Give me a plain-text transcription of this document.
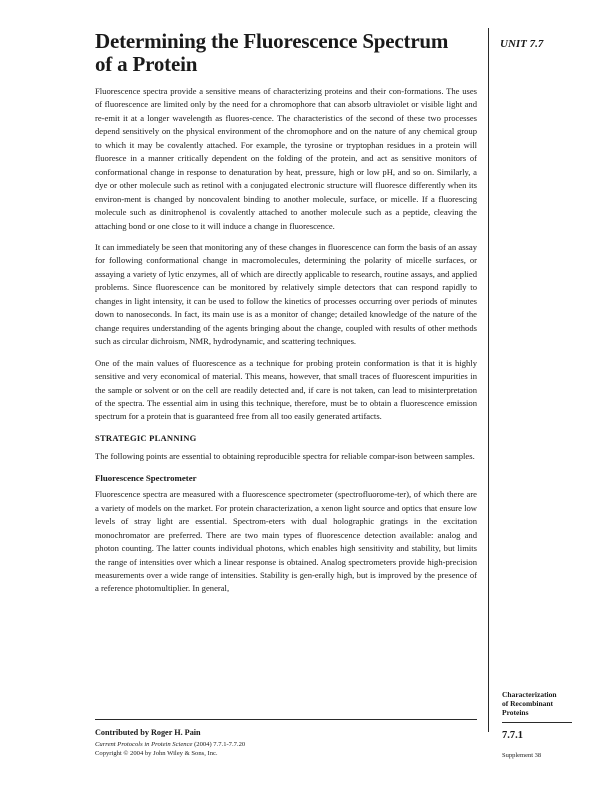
Determining the Fluorescence Spectrum
of a Protein
UNIT 7.7

Fluorescence spectra provide a sensitive means of characterizing proteins and their con-formations. The uses of fluorescence are limited only by the need for a chromophore that can absorb ultraviolet or visible light and re-emit it at a longer wavelength as fluores-cence. The characteristics of the second of these two processes depend sensitively on the physical environment of the chromophore and on the nature of any chemical group to which it may be covalently attached. For example, the tyrosine or tryptophan residues in a protein will fluoresce in a manner critically dependent on the folding of the protein, and act as sensitive monitors of conformational change in response to denaturation by heat, pressure, high or low pH, and so on. Similarly, a dye or other molecule such as retinol with a conjugated electronic structure will fluoresce differently when its environ-ment is changed by noncovalent binding to another molecule, surface, or micelle. If a fluorescing molecule such as dinitrophenol is covalently attached to another molecule such as a peptide, cleaving the attaching bond or one close to it will induce a change in fluorescence.

It can immediately be seen that monitoring any of these changes in fluorescence can form the basis of an assay for following conformational change in macromolecules, determining the polarity of micelle surfaces, or assaying a variety of lytic enzymes, all of which are directly applicable to research, routine assays, and applied problems. Since fluorescence can be monitored by relatively simple detectors that can respond rapidly to changes in light intensity, it can be used to follow the kinetics of processes occurring over periods of minutes down to nanoseconds. In fact, its main use is as a monitor of change; detailed knowledge of the nature of the change requires understanding of the agents bringing about the change, coupled with results of other methods such as circular dichroism, NMR, hydrodynamic, and scattering techniques.

One of the main values of fluorescence as a technique for probing protein conformation is that it is highly sensitive and very economical of material. This means, however, that small traces of fluorescent impurities in the sample or solvent or on the cell are readily detected and, if care is not taken, can lead to misinterpretation of the spectra. The essential aim in using this technique, therefore, must be to obtain a fluorescence emission spectrum for a protein that is guaranteed free from all too easily generated artifacts.

STRATEGIC PLANNING

The following points are essential to obtaining reproducible spectra for reliable compar-ison between samples.

Fluorescence Spectrometer

Fluorescence spectra are measured with a fluorescence spectrometer (spectrofluorome-ter), of which there are a variety of models on the market. For protein characterization, a xenon light source and optics that ensure low levels of stray light are essential. Spectrom-eters with dual holographic gratings in the excitation monochromator are preferred. There are two main types of fluorescence detection available: analog and photon counting. The latter counts individual photons, which enables high sensitivity and stability, but limits the range of intensities over which a linear response is obtained. Analog spectrometers provide high-precision measurements over a wide range of intensities. Stability is gen-erally high, but is improved by the presence of a reference photomultiplier. In general,

Contributed by Roger H. Pain
Current Protocols in Protein Science (2004) 7.7.1-7.7.20
Copyright © 2004 by John Wiley & Sons, Inc.
Characterization
of Recombinant
Proteins
7.7.1
Supplement 38
